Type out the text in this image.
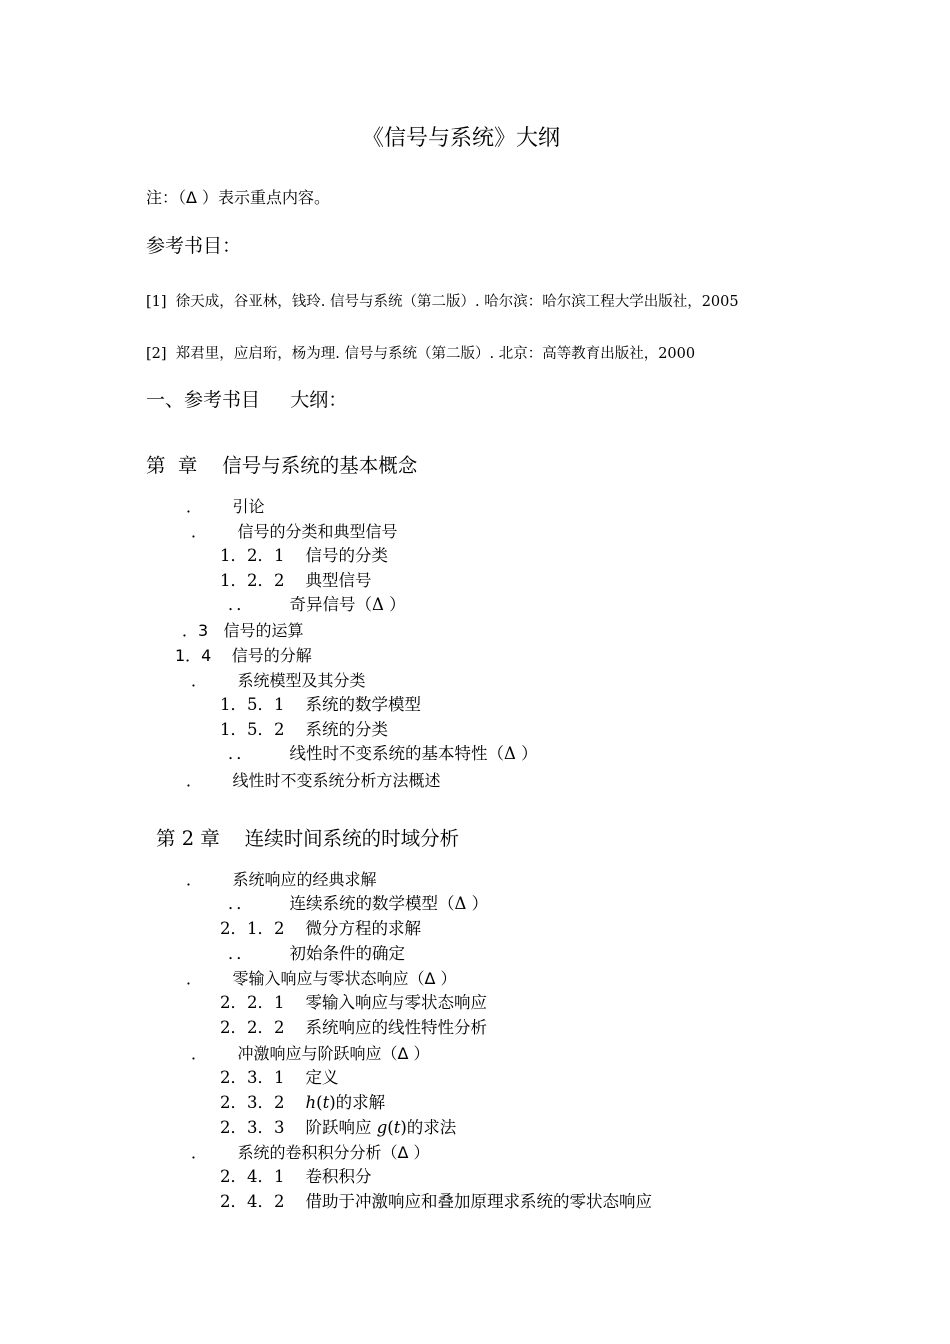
《信号与系统》大纲
注：（Δ ）表示重点内容。
参考书目：
[1]  徐天成，谷亚林，钱玲. 信号与系统（第二版）. 哈尔滨：哈尔滨工程大学出版社，2005
[2]  郑君里，应启珩，杨为理. 信号与系统（第二版）. 北京：高等教育出版社，2000
一、参考书目     大纲：
第  章    信号与系统的基本概念
．      引论
．      信号的分类和典型信号
1．2．1    信号的分类
1．2．2    典型信号
．．       奇异信号（Δ ）
．3   信号的运算
1．4    信号的分解
．      系统模型及其分类
1．5．1    系统的数学模型
1．5．2    系统的分类
．．       线性时不变系统的基本特性（Δ ）
．      线性时不变系统分析方法概述
第 2 章    连续时间系统的时域分析
．      系统响应的经典求解
．．       连续系统的数学模型（Δ ）
2．1．2    微分方程的求解
．．       初始条件的确定
．      零输入响应与零状态响应（Δ ）
2．2．1    零输入响应与零状态响应
2．2．2    系统响应的线性特性分析
．      冲激响应与阶跃响应（Δ ）
2．3．1    定义
2．3．2    h(t)的求解
2．3．3    阶跃响应 g(t)的求法
．      系统的卷积积分分析（Δ ）
2．4．1    卷积积分
2．4．2    借助于冲激响应和叠加原理求系统的零状态响应
